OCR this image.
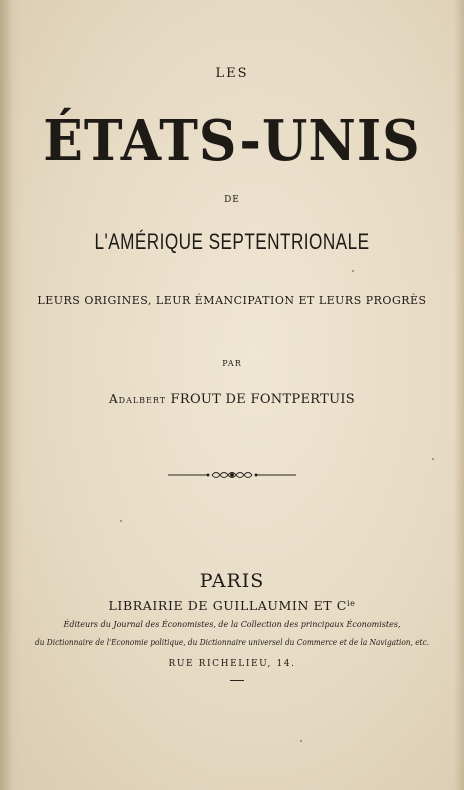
LES
ÉTATS-UNIS
DE
L'AMÉRIQUE SEPTENTRIONALE
LEURS ORIGINES, LEUR ÉMANCIPATION ET LEURS PROGRÈS
PAR
Adalbert FROUT DE FONTPERTUIS
PARIS
LIBRAIRIE DE GUILLAUMIN ET $C^{ie}$
Éditeurs du Journal des Économistes, de la Collection des principaux Économistes,
du Dictionnaire de l'Économie politique, du Dictionnaire universel du Commerce et de la Navigation, etc.
RUE RICHELIEU, 14.
